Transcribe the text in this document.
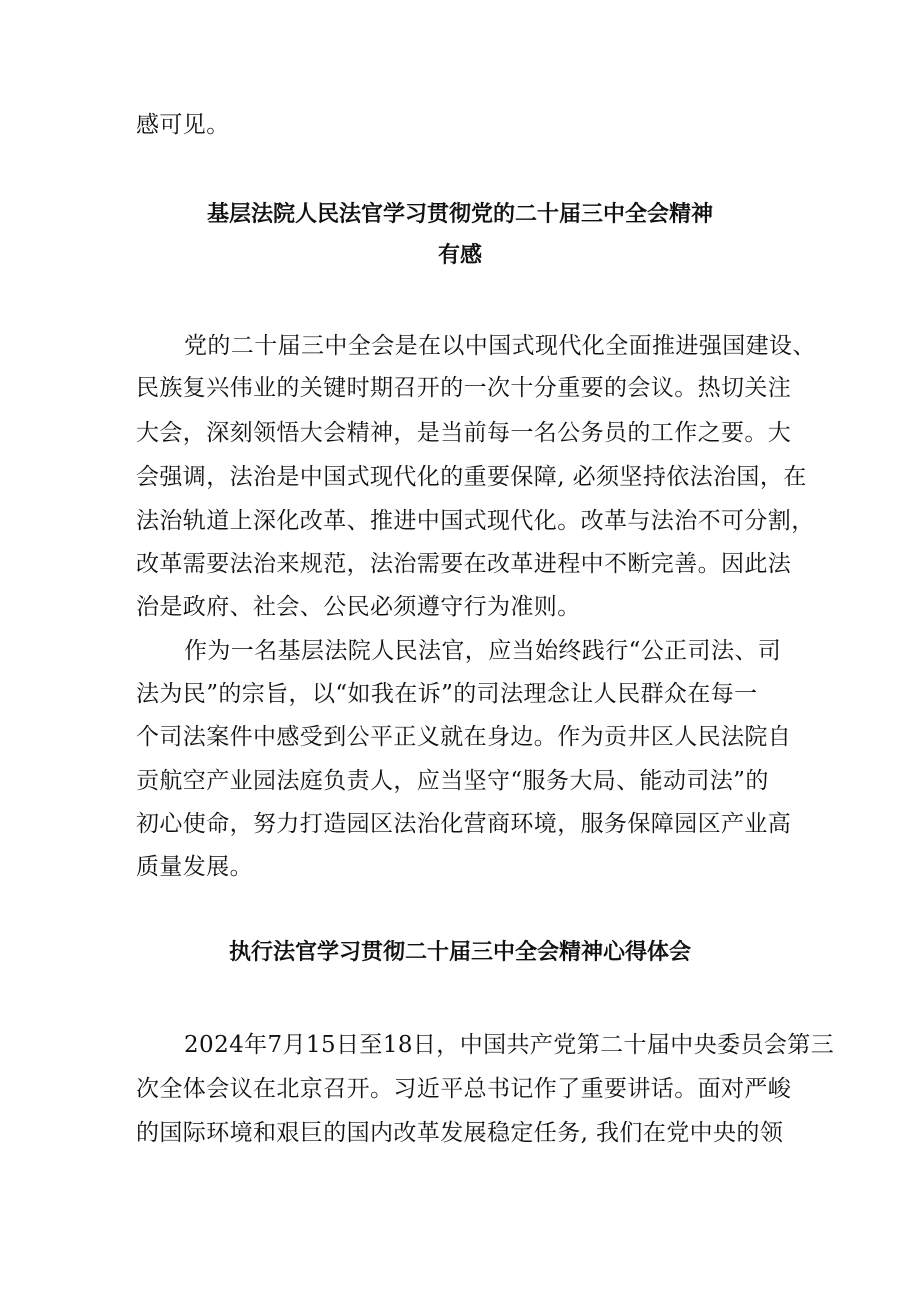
感可见。
基层法院人民法官学习贯彻党的二十届三中全会精神
有感
党的二十届三中全会是在以中国式现代化全面推进强国建设、
民族复兴伟业的关键时期召开的一次十分重要的会议。热切关注
大会，深刻领悟大会精神，是当前每一名公务员的工作之要。大
会强调，法治是中国式现代化的重要保障, 必须坚持依法治国，在
法治轨道上深化改革、推进中国式现代化。改革与法治不可分割，
改革需要法治来规范，法治需要在改革进程中不断完善。因此法
治是政府、社会、公民必须遵守行为准则。
作为一名基层法院人民法官，应当始终践行“公正司法、司
法为民”的宗旨，以“如我在诉”的司法理念让人民群众在每一
个司法案件中感受到公平正义就在身边。作为贡井区人民法院自
贡航空产业园法庭负责人，应当坚守“服务大局、能动司法”的
初心使命，努力打造园区法治化营商环境，服务保障园区产业高
质量发展。
执行法官学习贯彻二十届三中全会精神心得体会
2024年7月15日至18日，中国共产党第二十届中央委员会第三
次全体会议在北京召开。习近平总书记作了重要讲话。面对严峻
的国际环境和艰巨的国内改革发展稳定任务, 我们在党中央的领
